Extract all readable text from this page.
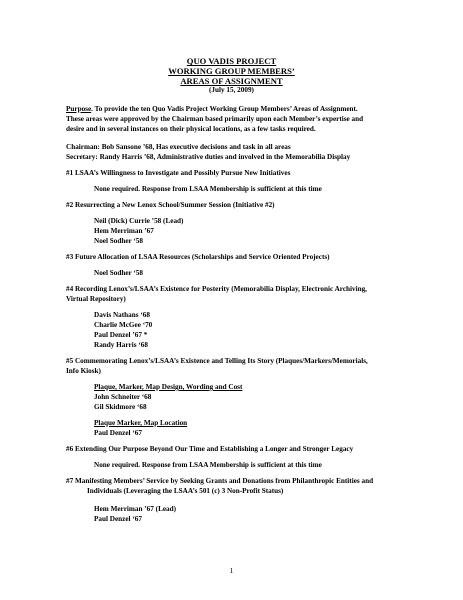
QUO VADIS PROJECT
WORKING GROUP MEMBERS’
AREAS OF ASSIGNMENT
(July 15, 2009)
Purpose. To provide the ten Quo Vadis Project Working Group Members’ Areas of Assignment.
These areas were approved by the Chairman based primarily upon each Member’s expertise and
desire and in several instances on their physical locations, as a few tasks required.
Chairman: Bob Sansone ’68, Has executive decisions and task in all areas
Secretary: Randy Harris ’68, Administrative duties and involved in the Memorabilia Display
#1 LSAA’s Willingness to Investigate and Possibly Pursue New Initiatives
None required. Response from LSAA Membership is sufficient at this time
#2 Resurrecting a New Lenox School/Summer Session (Initiative #2)
Neil (Dick) Currie ’58 (Lead)
Hem Merriman ’67
Noel Sodher ‘58
#3 Future Allocation of LSAA Resources (Scholarships and Service Oriented Projects)
Noel Sodher ‘58
#4 Recording Lenox’s/LSAA’s Existence for Posterity (Memorabilia Display, Electronic Archiving,
Virtual Repository)
Davis Nathans ‘68
Charlie McGee ‘70
Paul Denzel ’67 *
Randy Harris ‘68
#5 Commemorating Lenox’s/LSAA’s Existence and Telling Its Story (Plaques/Markers/Memorials,
Info Kiosk)
Plaque, Marker, Map Design, Wording and Cost
John Schneiter ‘68
Gil Skidmore ‘68
Plaque Marker, Map Location
Paul Denzel ‘67
#6 Extending Our Purpose Beyond Our Time and Establishing a Longer and Stronger Legacy
None required. Response from LSAA Membership is sufficient at this time
#7 Manifesting Members’ Service by Seeking Grants and Donations from Philanthropic Entities and
Individuals (Leveraging the LSAA’s 501 (c) 3 Non-Profit Status)
Hem Merriman ’67 (Lead)
Paul Denzel ‘67
1
